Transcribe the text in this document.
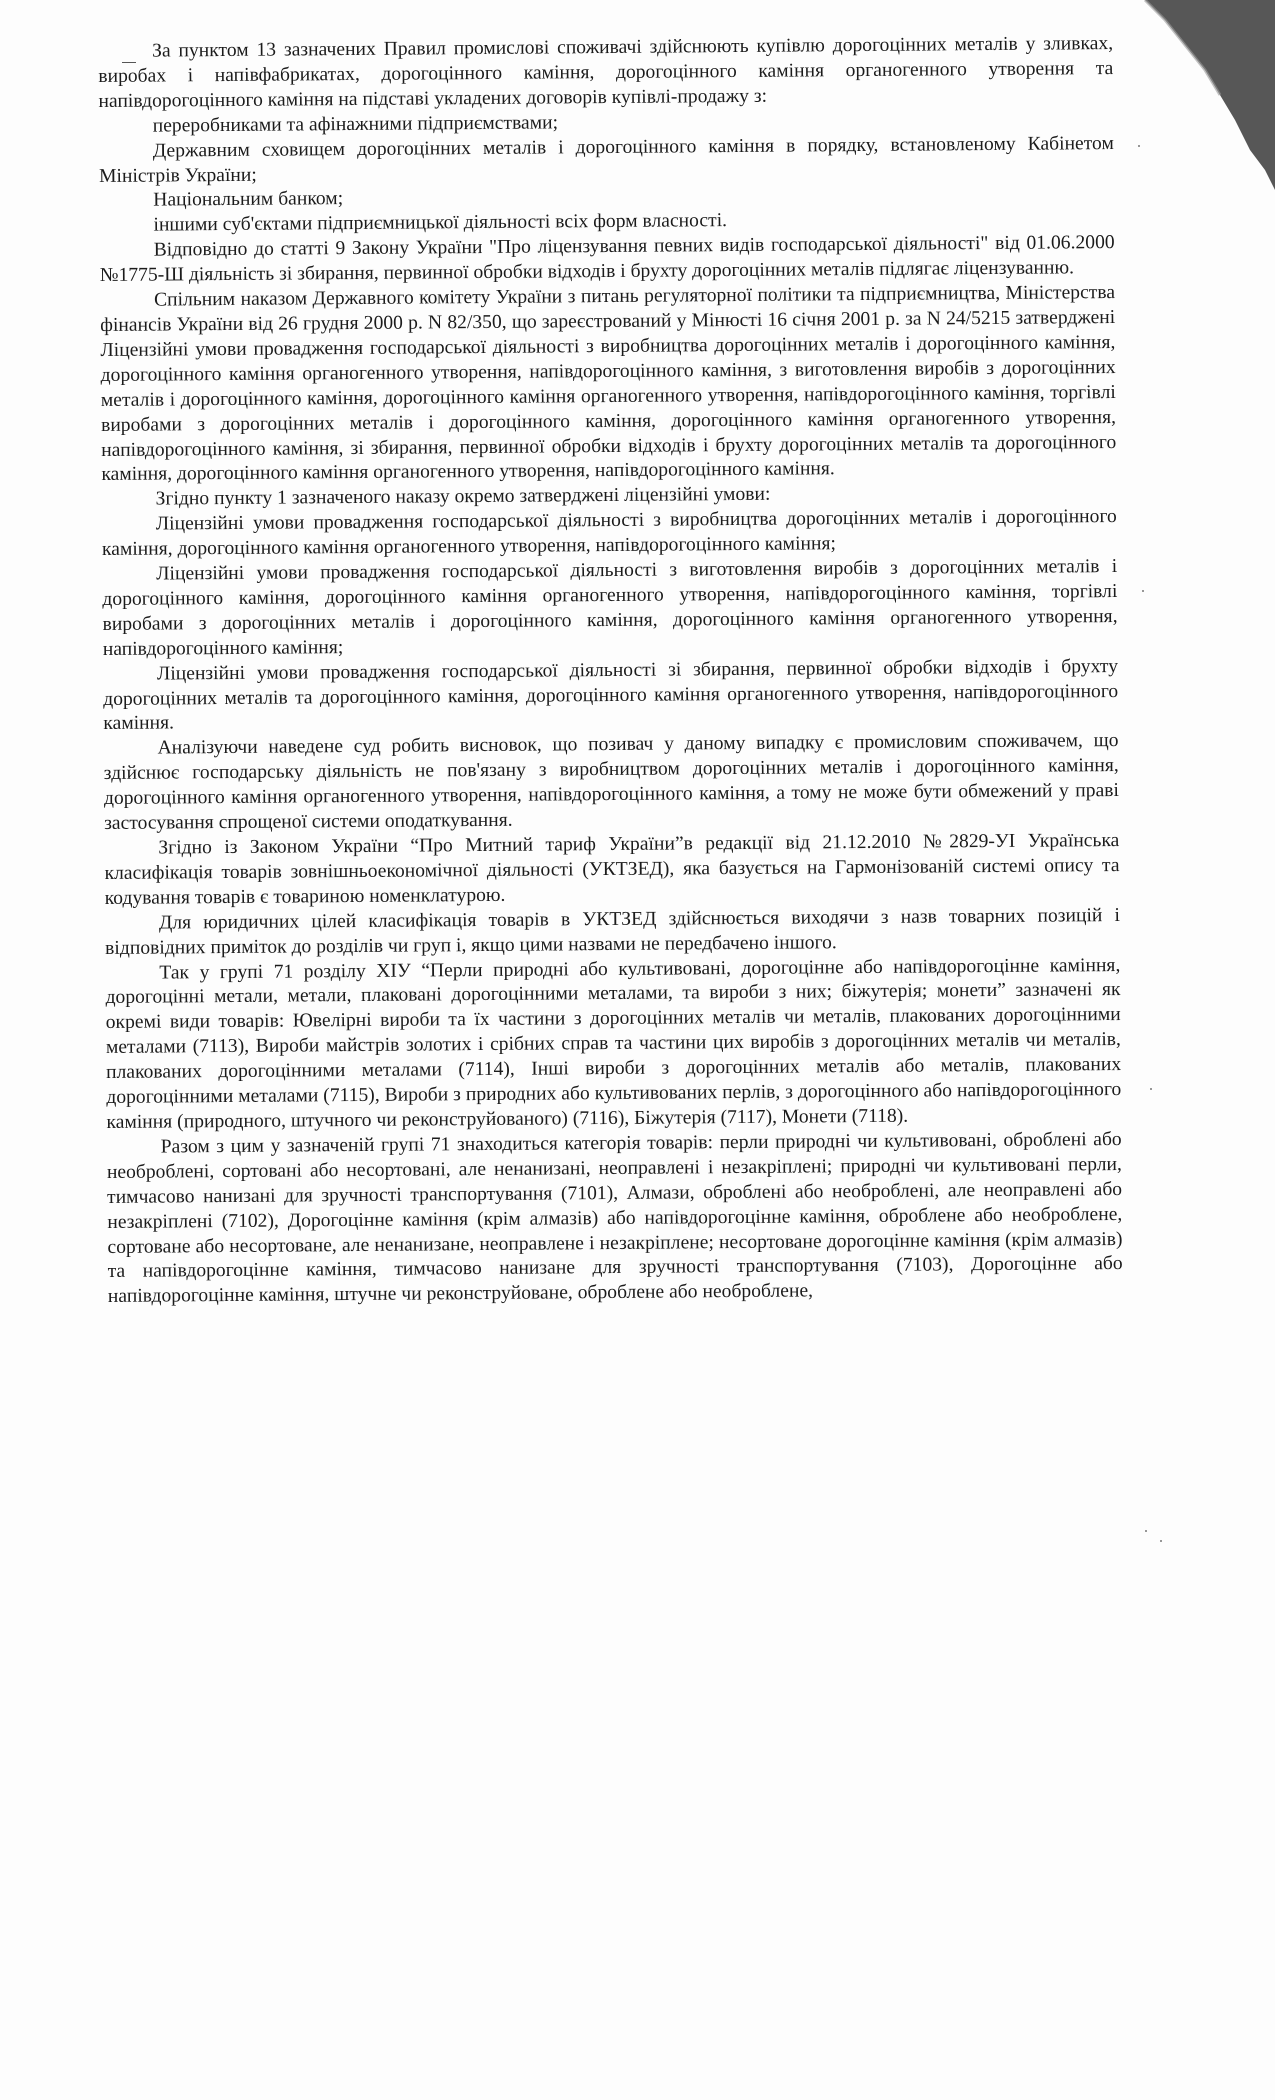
За пунктом 13 зазначених Правил промислові споживачі здійснюють купівлю дорогоцінних металів у зливках, виробах і напівфабрикатах, дорогоцінного каміння, дорогоцінного каміння органогенного утворення та напівдорогоцінного каміння на підставі укладених договорів купівлі-продажу з:

переробниками та афінажними підприємствами;

Державним сховищем дорогоцінних металів і дорогоцінного каміння в порядку, встановленому Кабінетом Міністрів України;

Національним банком;

іншими суб'єктами підприємницької діяльності всіх форм власності.

Відповідно до статті 9 Закону України "Про ліцензування певних видів господарської діяльності" від 01.06.2000 №1775-Ш діяльність зі збирання, первинної обробки відходів і брухту дорогоцінних металів підлягає ліцензуванню.

Спільним наказом Державного комітету України з питань регуляторної політики та підприємництва, Міністерства фінансів України від 26 грудня 2000 р. N 82/350, що зареєстрований у Мінюсті 16 січня 2001 р. за N 24/5215 затверджені Ліцензійні умови провадження господарської діяльності з виробництва дорогоцінних металів і дорогоцінного каміння, дорогоцінного каміння органогенного утворення, напівдорогоцінного каміння, з виготовлення виробів з дорогоцінних металів і дорогоцінного каміння, дорогоцінного каміння органогенного утворення, напівдорогоцінного каміння, торгівлі виробами з дорогоцінних металів і дорогоцінного каміння, дорогоцінного каміння органогенного утворення, напівдорогоцінного каміння, зі збирання, первинної обробки відходів і брухту дорогоцінних металів та дорогоцінного каміння, дорогоцінного каміння органогенного утворення, напівдорогоцінного каміння.

Згідно пункту 1 зазначеного наказу окремо затверджені ліцензійні умови:

Ліцензійні умови провадження господарської діяльності з виробництва дорогоцінних металів і дорогоцінного каміння, дорогоцінного каміння органогенного утворення, напівдорогоцінного каміння;

Ліцензійні умови провадження господарської діяльності з виготовлення виробів з дорогоцінних металів і дорогоцінного каміння, дорогоцінного каміння органогенного утворення, напівдорогоцінного каміння, торгівлі виробами з дорогоцінних металів і дорогоцінного каміння, дорогоцінного каміння органогенного утворення, напівдорогоцінного каміння;

Ліцензійні умови провадження господарської діяльності зі збирання, первинної обробки відходів і брухту дорогоцінних металів та дорогоцінного каміння, дорогоцінного каміння органогенного утворення, напівдорогоцінного каміння.

Аналізуючи наведене суд робить висновок, що позивач у даному випадку є промисловим споживачем, що здійснює господарську діяльність не пов'язану з виробництвом дорогоцінних металів і дорогоцінного каміння, дорогоцінного каміння органогенного утворення, напівдорогоцінного каміння, а тому не може бути обмежений у праві застосування спрощеної системи оподаткування.

Згідно із Законом України “Про Митний тариф України”в редакції від 21.12.2010 №2829-УІ Українська класифікація товарів зовнішньоекономічної діяльності (УКТЗЕД), яка базується на Гармонізованій системі опису та кодування товарів є товариною номенклатурою.

Для юридичних цілей класифікація товарів в УКТЗЕД здійснюється виходячи з назв товарних позицій і відповідних приміток до розділів чи груп і, якщо цими назвами не передбачено іншого.

Так у групі 71 розділу ХІУ “Перли природні або культивовані, дорогоцінне або напівдорогоцінне каміння, дорогоцінні метали, метали, плаковані дорогоцінними металами, та вироби з них; біжутерія; монети” зазначені як окремі види товарів: Ювелірні вироби та їх частини з дорогоцінних металів чи металів, плакованих дорогоцінними металами (7113), Вироби майстрів золотих і срібних справ та частини цих виробів з дорогоцінних металів чи металів, плакованих дорогоцінними металами (7114), Інші вироби з дорогоцінних металів або металів, плакованих дорогоцінними металами (7115), Вироби з природних або культивованих перлів, з дорогоцінного або напівдорогоцінного каміння (природного, штучного чи реконструйованого) (7116), Біжутерія (7117), Монети (7118).

Разом з цим у зазначеній групі 71 знаходиться категорія товарів: перли природні чи культивовані, оброблені або необроблені, сортовані або несортовані, але ненанизані, неоправлені і незакріплені; природні чи культивовані перли, тимчасово нанизані для зручності транспортування (7101), Алмази, оброблені або необроблені, але неоправлені або незакріплені (7102), Дорогоцінне каміння (крім алмазів) або напівдорогоцінне каміння, оброблене або необроблене, сортоване або несортоване, але ненанизане, неоправлене і незакріплене; несортоване дорогоцінне каміння (крім алмазів) та напівдорогоцінне каміння, тимчасово нанизане для зручності транспортування (7103), Дорогоцінне або напівдорогоцінне каміння, штучне чи реконструйоване, оброблене або необроблене,
